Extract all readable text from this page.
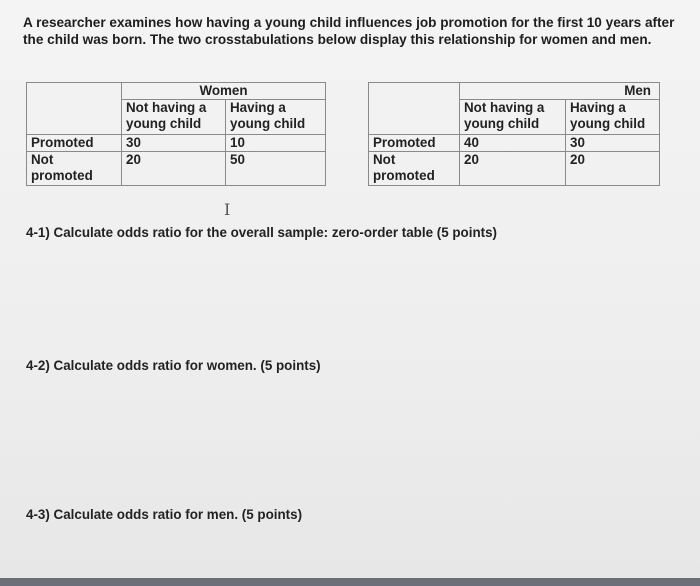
A researcher examines how having a young child influences job promotion for the first 10 years after the child was born. The two crosstabulations below display this relationship for women and men.
	Women	
	Not having a young child	Having a young child
Promoted	30	10
Not promoted	20	50
	Men	
	Not having a young child	Having a young child
Promoted	40	30
Not promoted	20	20
I
4-1) Calculate odds ratio for the overall sample: zero-order table (5 points)
4-2) Calculate odds ratio for women. (5 points)
4-3) Calculate odds ratio for men. (5 points)
